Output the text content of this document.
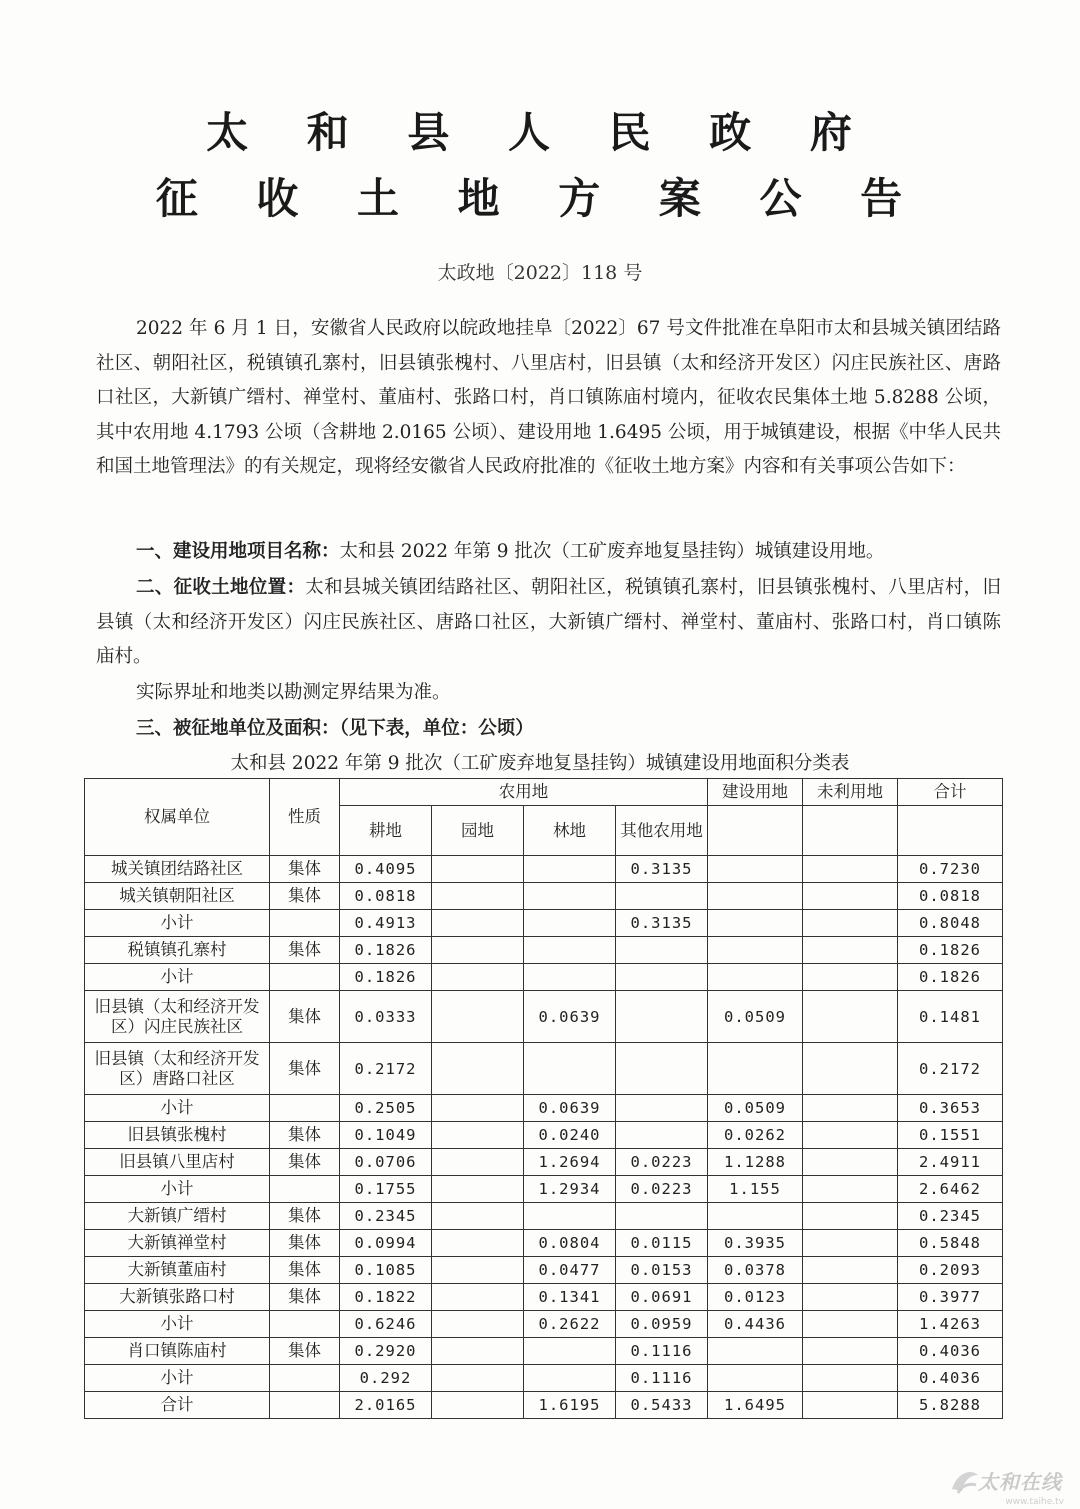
太 和 县 人 民 政 府
征 收 土 地 方 案 公 告
太政地〔2022〕118 号

2022 年 6 月 1 日，安徽省人民政府以皖政地挂阜〔2022〕67 号文件批准在阜阳市太和县城关镇团结路社区、朝阳社区，税镇镇孔寨村，旧县镇张槐村、八里店村，旧县镇（太和经济开发区）闪庄民族社区、唐路口社区，大新镇广缙村、禅堂村、董庙村、张路口村，肖口镇陈庙村境内，征收农民集体土地 5.8288 公顷，其中农用地 4.1793 公顷（含耕地 2.0165 公顷）、建设用地 1.6495 公顷，用于城镇建设，根据《中华人民共和国土地管理法》的有关规定，现将经安徽省人民政府批准的《征收土地方案》内容和有关事项公告如下：

一、建设用地项目名称：太和县 2022 年第 9 批次（工矿废弃地复垦挂钩）城镇建设用地。

二、征收土地位置：太和县城关镇团结路社区、朝阳社区，税镇镇孔寨村，旧县镇张槐村、八里店村，旧县镇（太和经济开发区）闪庄民族社区、唐路口社区，大新镇广缙村、禅堂村、董庙村、张路口村，肖口镇陈庙村。

实际界址和地类以勘测定界结果为准。

三、被征地单位及面积：（见下表，单位：公顷）

太和县 2022 年第 9 批次（工矿废弃地复垦挂钩）城镇建设用地面积分类表
权属单位	性质	农用地				建设用地	未利用地	合计
		耕地	园地	林地	其他农用地			
城关镇团结路社区	集体	0.4095			0.3135			0.7230
城关镇朝阳社区	集体	0.0818						0.0818
小计		0.4913			0.3135			0.8048
税镇镇孔寨村	集体	0.1826						0.1826
小计		0.1826						0.1826
旧县镇（太和经济开发区）闪庄民族社区	集体	0.0333		0.0639		0.0509		0.1481
旧县镇（太和经济开发区）唐路口社区	集体	0.2172						0.2172
小计		0.2505		0.0639		0.0509		0.3653
旧县镇张槐村	集体	0.1049		0.0240		0.0262		0.1551
旧县镇八里店村	集体	0.0706		1.2694	0.0223	1.1288		2.4911
小计		0.1755		1.2934	0.0223	1.155		2.6462
大新镇广缙村	集体	0.2345						0.2345
大新镇禅堂村	集体	0.0994		0.0804	0.0115	0.3935		0.5848
大新镇董庙村	集体	0.1085		0.0477	0.0153	0.0378		0.2093
大新镇张路口村	集体	0.1822		0.1341	0.0691	0.0123		0.3977
小计		0.6246		0.2622	0.0959	0.4436		1.4263
肖口镇陈庙村	集体	0.2920			0.1116			0.4036
小计		0.292			0.1116			0.4036
合计		2.0165		1.6195	0.5433	1.6495		5.8288
太和在线
www.taihe.tv
